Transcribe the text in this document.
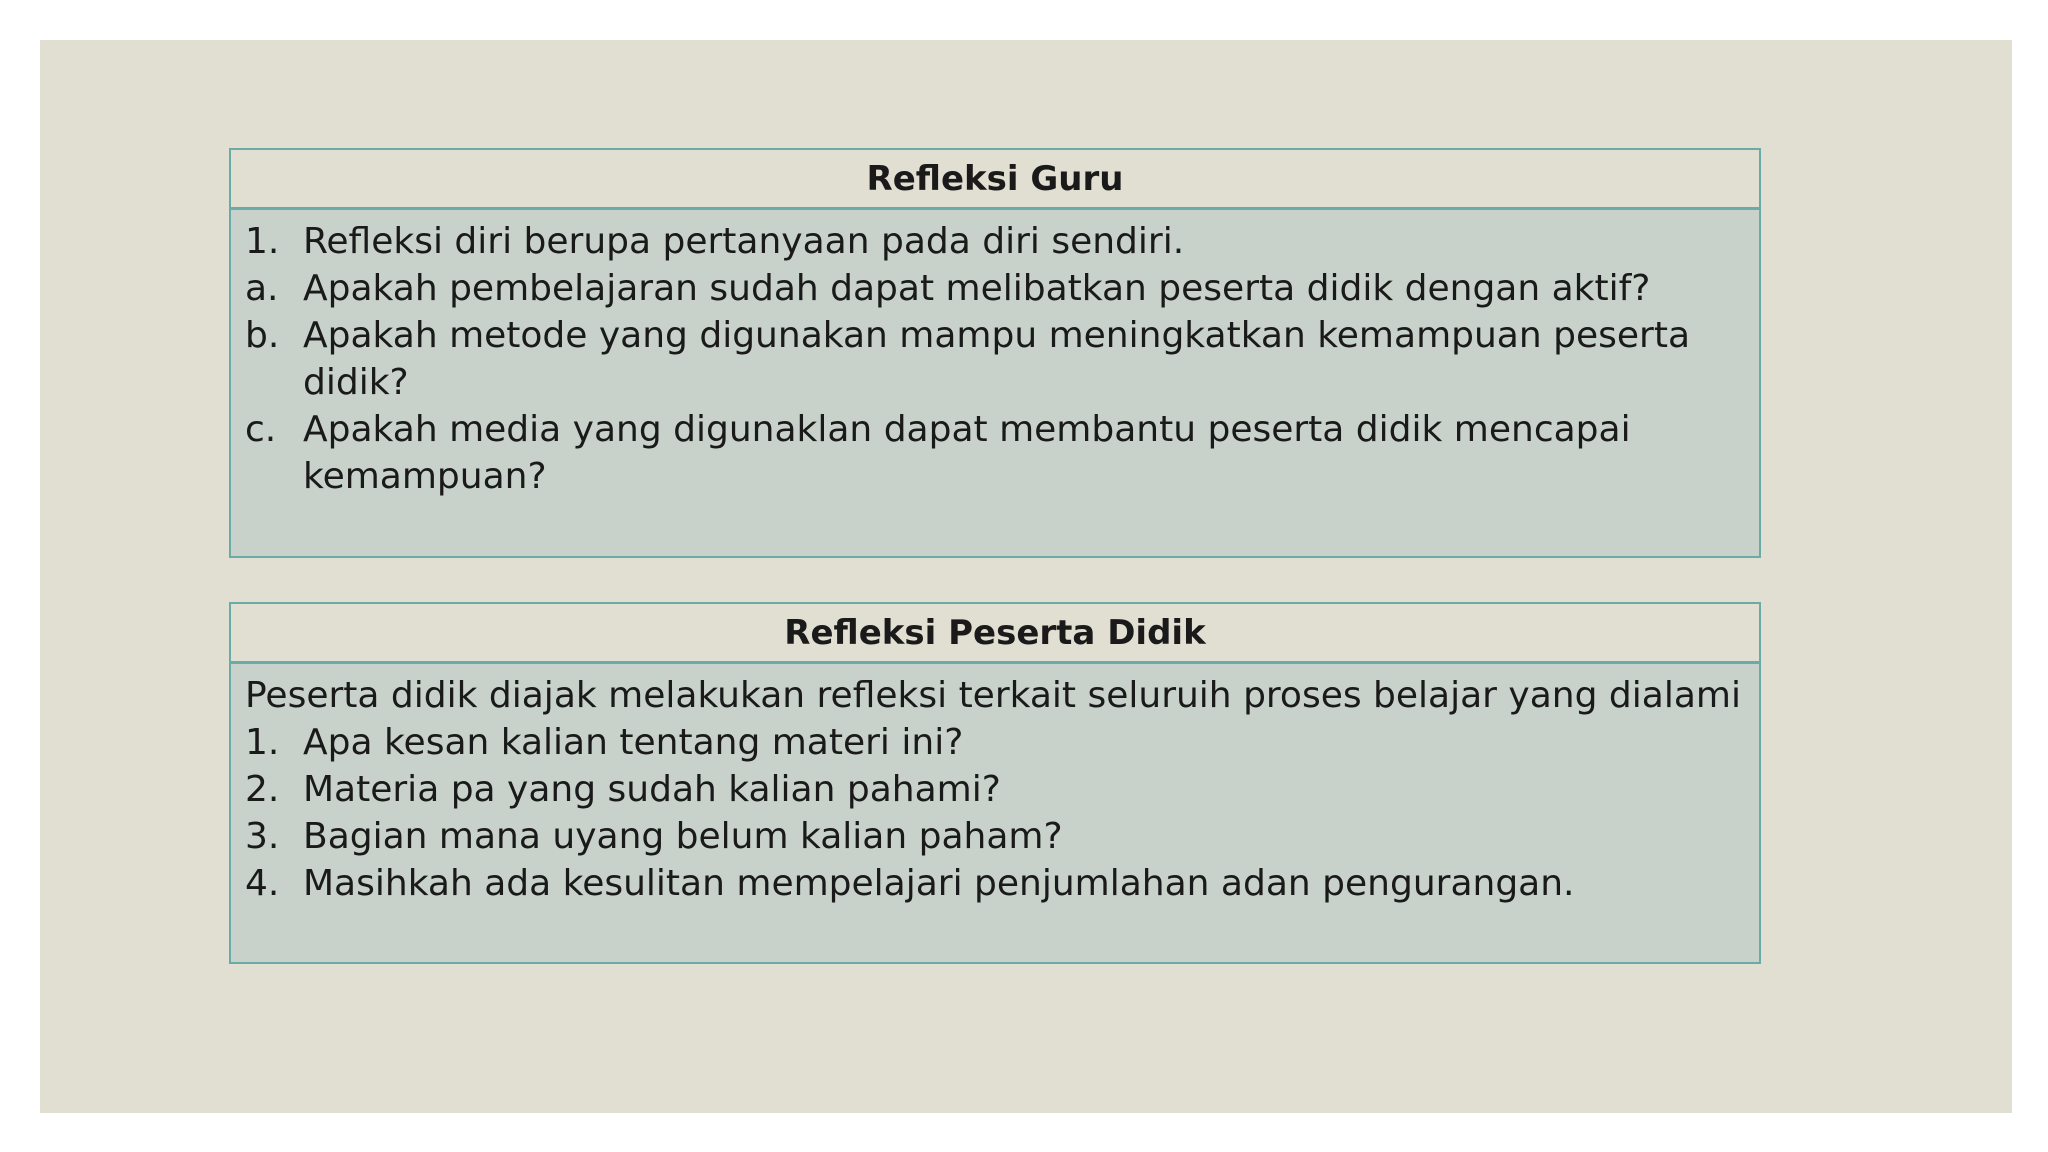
Refleksi Guru
1. Refleksi diri berupa pertanyaan pada diri sendiri.
a. Apakah pembelajaran sudah dapat melibatkan peserta didik dengan aktif?
b. Apakah metode yang digunakan mampu meningkatkan kemampuan peserta didik?
c. Apakah media yang digunaklan dapat membantu peserta didik mencapai kemampuan?
Refleksi Peserta Didik
Peserta didik diajak melakukan refleksi terkait seluruih proses belajar yang dialami
1. Apa kesan kalian tentang materi ini?
2. Materia pa yang sudah kalian pahami?
3. Bagian mana uyang belum kalian paham?
4. Masihkah ada kesulitan mempelajari penjumlahan adan pengurangan.
